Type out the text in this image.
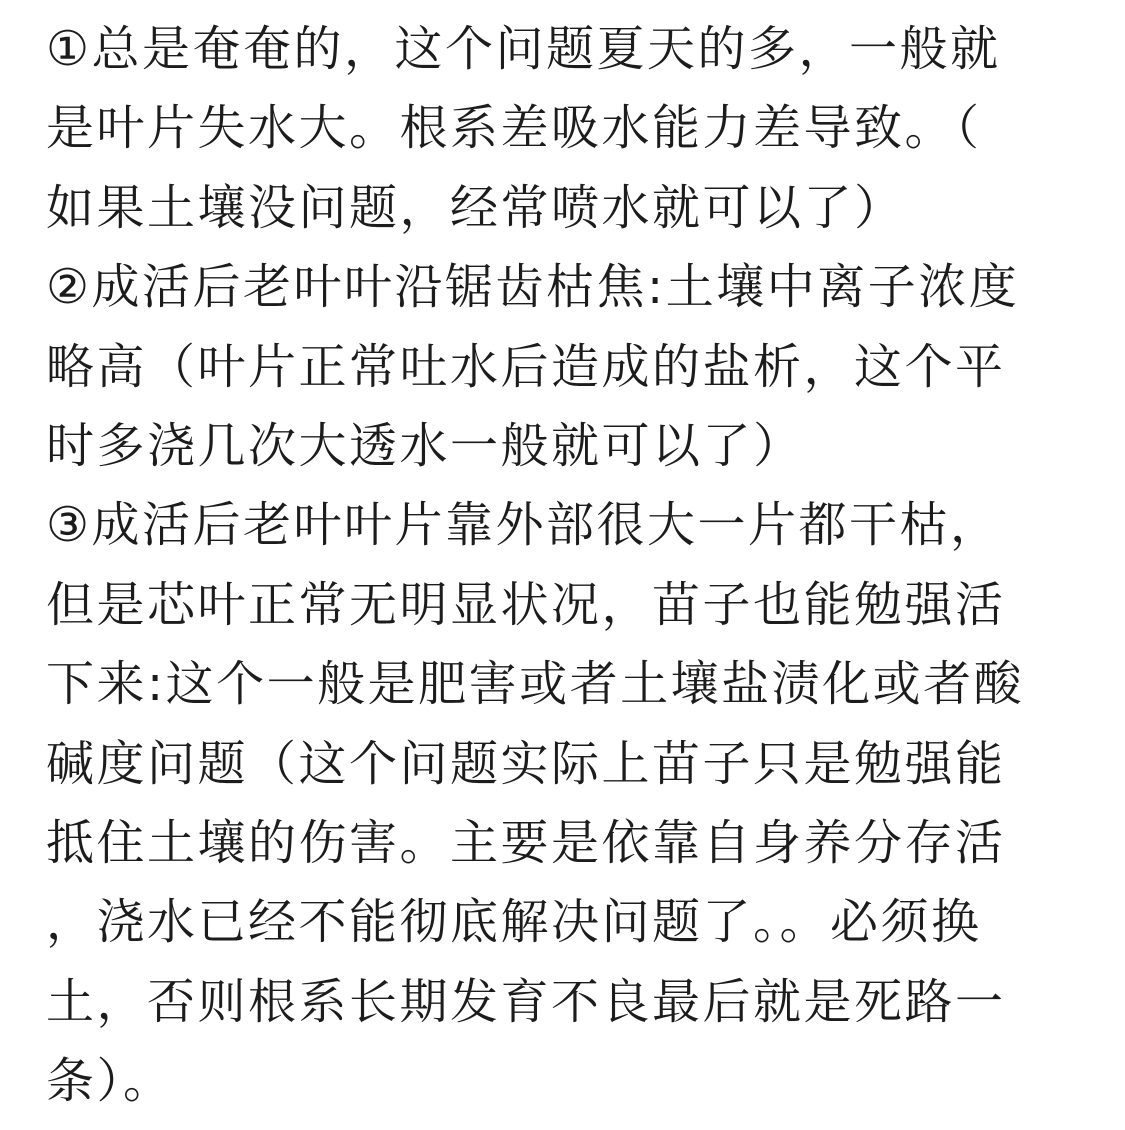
①总是奄奄的，这个问题夏天的多，一般就
是叶片失水大。根系差吸水能力差导致。（
如果土壤没问题，经常喷水就可以了）
②成活后老叶叶沿锯齿枯焦:土壤中离子浓度
略高（叶片正常吐水后造成的盐析，这个平
时多浇几次大透水一般就可以了）
③成活后老叶叶片靠外部很大一片都干枯，
但是芯叶正常无明显状况，苗子也能勉强活
下来:这个一般是肥害或者土壤盐渍化或者酸
碱度问题（这个问题实际上苗子只是勉强能
抵住土壤的伤害。主要是依靠自身养分存活
，浇水已经不能彻底解决问题了。。必须换
土，否则根系长期发育不良最后就是死路一
条）。
